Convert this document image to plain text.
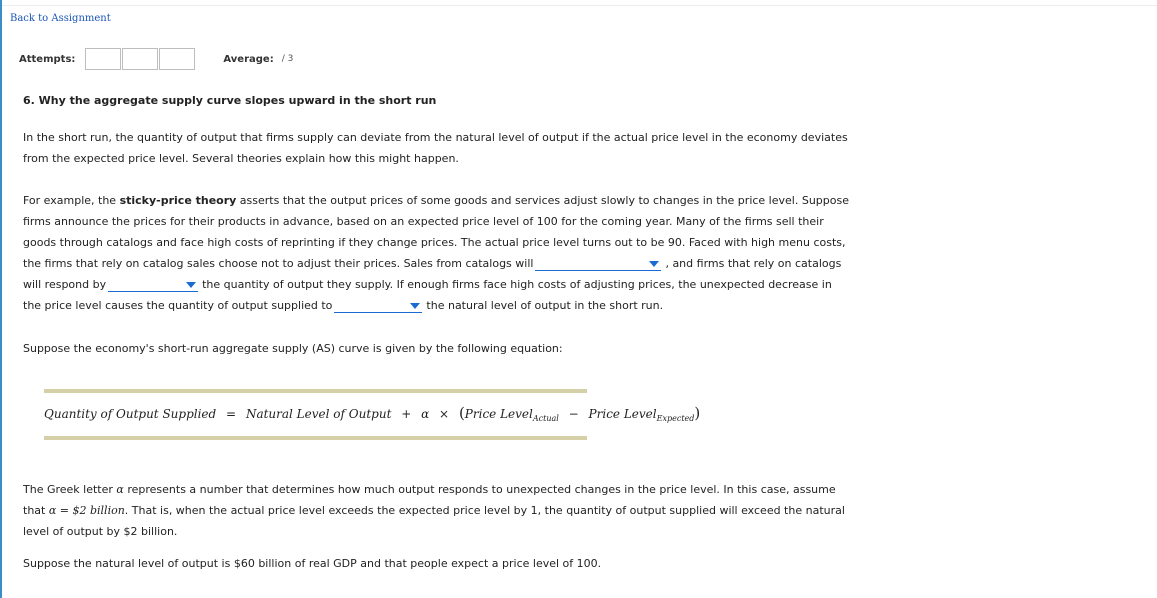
Back to Assignment
Attempts:	Average: / 3
6. Why the aggregate supply curve slopes upward in the short run

In the short run, the quantity of output that firms supply can deviate from the natural level of output if the actual price level in the economy deviates from the expected price level. Several theories explain how this might happen.

For example, the sticky-price theory asserts that the output prices of some goods and services adjust slowly to changes in the price level. Suppose firms announce the prices for their products in advance, based on an expected price level of 100 for the coming year. Many of the firms sell their goods through catalogs and face high costs of reprinting if they change prices. The actual price level turns out to be 90. Faced with high menu costs, the firms that rely on catalog sales choose not to adjust their prices. Sales from catalogs will	, and firms that rely on catalogs will respond by	the quantity of output they supply. If enough firms face high costs of adjusting prices, the unexpected decrease in the price level causes the quantity of output supplied to	the natural level of output in the short run.

Suppose the economy's short-run aggregate supply (AS) curve is given by the following equation:

Quantity of Output Supplied = Natural Level of Output + α × (Price Level$_{Actual}$ − Price Level$_{Expected}$)

The Greek letter α represents a number that determines how much output responds to unexpected changes in the price level. In this case, assume that α = $2 billion. That is, when the actual price level exceeds the expected price level by 1, the quantity of output supplied will exceed the natural level of output by $2 billion.

Suppose the natural level of output is $60 billion of real GDP and that people expect a price level of 100.
